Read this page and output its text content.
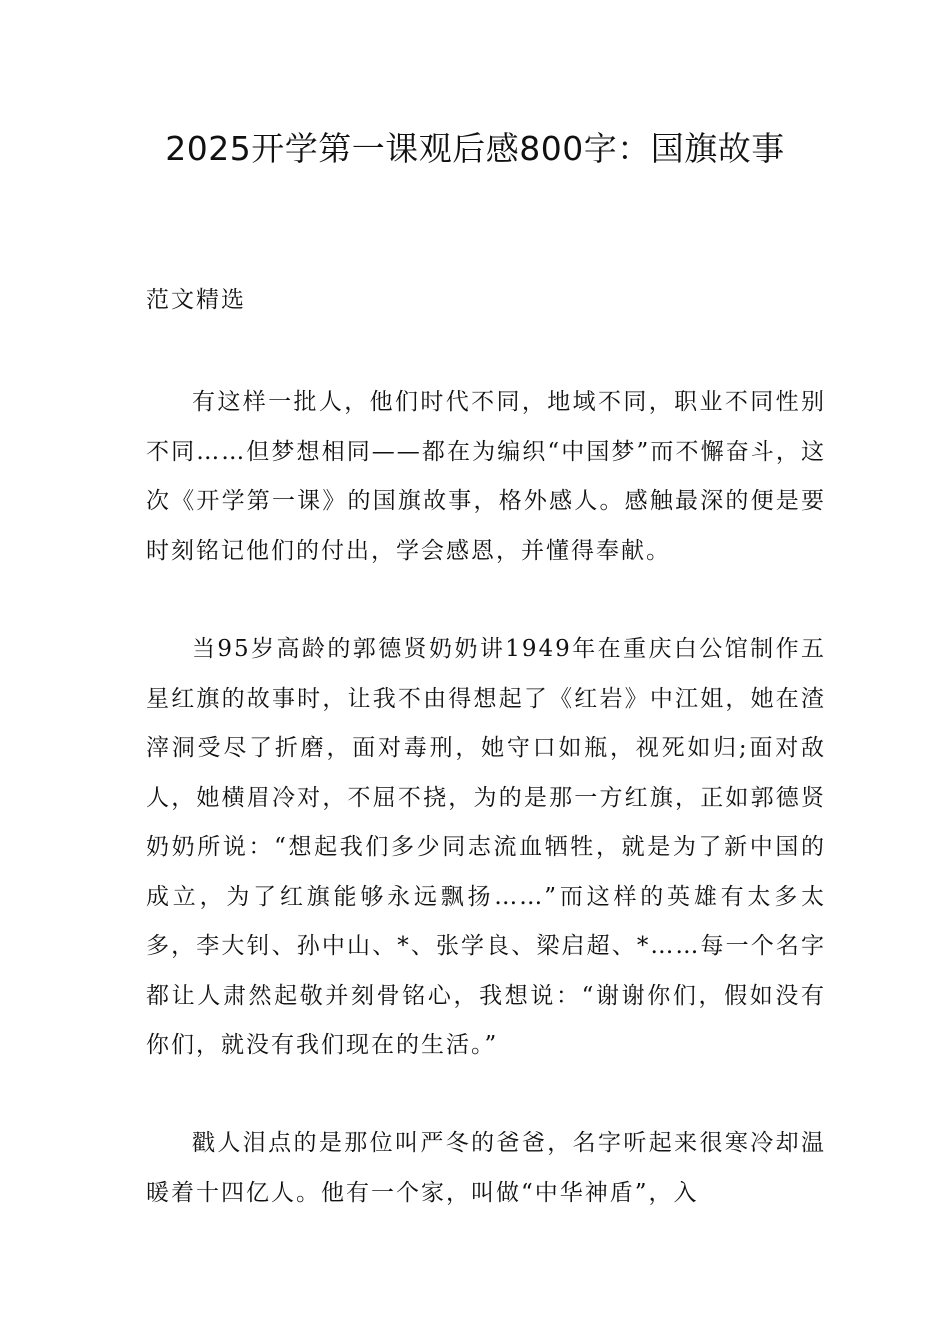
2025开学第一课观后感800字：国旗故事

范文精选

有这样一批人，他们时代不同，地域不同，职业不同性别不同……但梦想相同——都在为编织“中国梦”而不懈奋斗，这次《开学第一课》的国旗故事，格外感人。感触最深的便是要时刻铭记他们的付出，学会感恩，并懂得奉献。

当95岁高龄的郭德贤奶奶讲1949年在重庆白公馆制作五星红旗的故事时，让我不由得想起了《红岩》中江姐，她在渣滓洞受尽了折磨，面对毒刑，她守口如瓶，视死如归;面对敌人，她横眉冷对，不屈不挠，为的是那一方红旗，正如郭德贤奶奶所说：“想起我们多少同志流血牺牲，就是为了新中国的成立，为了红旗能够永远飘扬……”而这样的英雄有太多太多，李大钊、孙中山、*、张学良、梁启超、*……每一个名字都让人肃然起敬并刻骨铭心，我想说：“谢谢你们，假如没有你们，就没有我们现在的生活。”

戳人泪点的是那位叫严冬的爸爸，名字听起来很寒冷却温暖着十四亿人。他有一个家，叫做“中华神盾”，入
